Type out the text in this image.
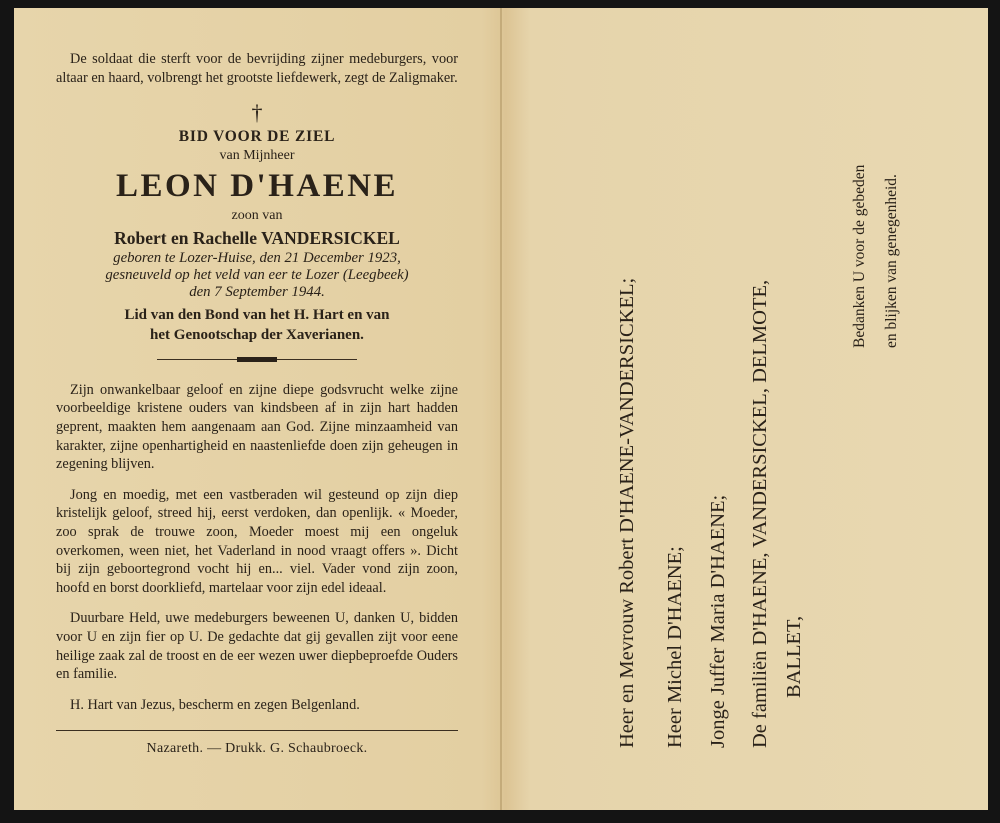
De soldaat die sterft voor de bevrijding zijner medeburgers, voor altaar en haard, volbrengt het grootste liefdewerk, zegt de Zaligmaker.

†
BID VOOR DE ZIEL
van Mijnheer
LEON D'HAENE
zoon van
Robert en Rachelle VANDERSICKEL
geboren te Lozer-Huise, den 21 December 1923,
gesneuveld op het veld van eer te Lozer (Leegbeek)
den 7 September 1944.
Lid van den Bond van het H. Hart en van
het Genootschap der Xaverianen.

Zijn onwankelbaar geloof en zijne diepe godsvrucht welke zijne voorbeeldige kristene ouders van kindsbeen af in zijn hart hadden geprent, maakten hem aangenaam aan God. Zijne minzaamheid van karakter, zijne openhartigheid en naastenliefde doen zijn geheugen in zegening blijven.

Jong en moedig, met een vastberaden wil gesteund op zijn diep kristelijk geloof, streed hij, eerst verdoken, dan openlijk. « Moeder, zoo sprak de trouwe zoon, Moeder moest mij een ongeluk overkomen, ween niet, het Vaderland in nood vraagt offers ». Dicht bij zijn geboortegrond vocht hij en... viel. Vader vond zijn zoon, hoofd en borst doorkliefd, martelaar voor zijn edel ideaal.

Duurbare Held, uwe medeburgers beweenen U, danken U, bidden voor U en zijn fier op U. De gedachte dat gij gevallen zijt voor eene heilige zaak zal de troost en de eer wezen uwer diepbeproefde Ouders en familie.

H. Hart van Jezus, bescherm en zegen Belgenland.

Nazareth. — Drukk. G. Schaubroeck.
Heer en Mevrouw Robert D'HAENE-VANDERSICKEL; Heer Michel D'HAENE; Jonge Juffer Maria D'HAENE; De familiën D'HAENE, VANDERSICKEL, DELMOTE, BALLET,
Bedanken U voor de gebeden en blijken van genegenheid.
